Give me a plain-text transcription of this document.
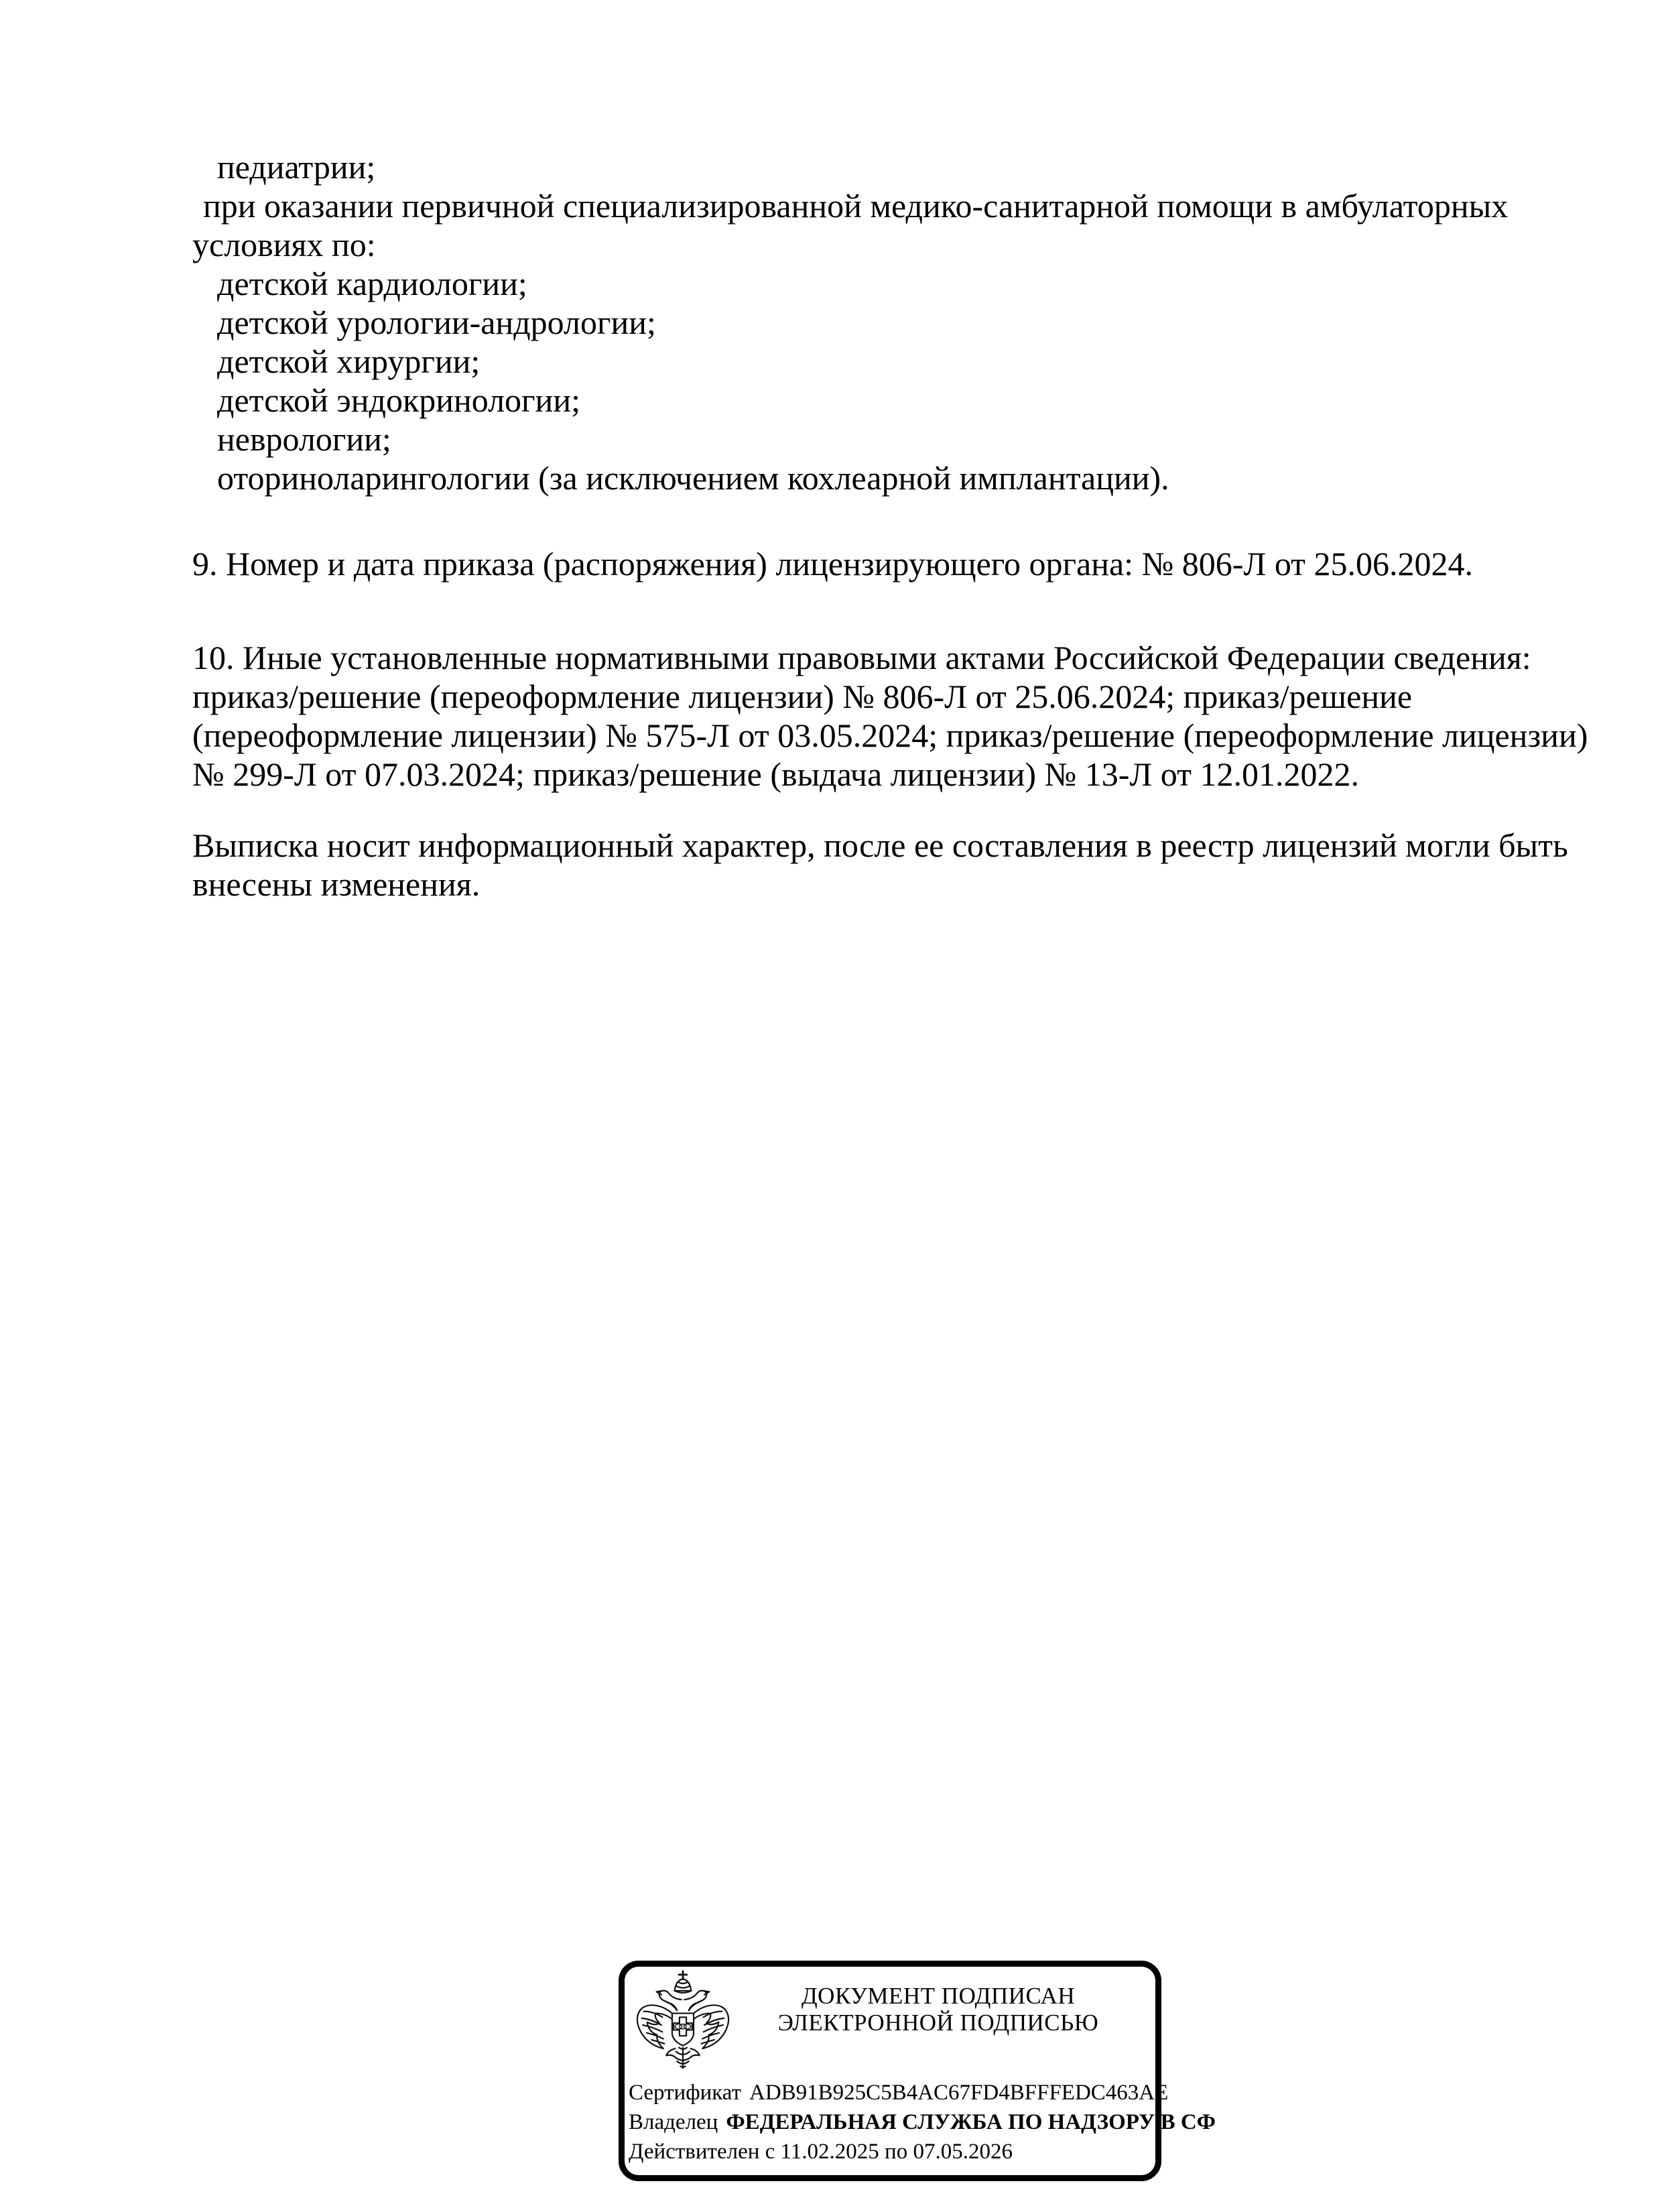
педиатрии;
при оказании первичной специализированной медико-санитарной помощи в амбулаторных
условиях по:
детской кардиологии;
детской урологии-андрологии;
детской хирургии;
детской эндокринологии;
неврологии;
оториноларингологии (за исключением кохлеарной имплантации).
9. Номер и дата приказа (распоряжения) лицензирующего органа: № 806-Л от 25.06.2024.
10. Иные установленные нормативными правовыми актами Российской Федерации сведения:
приказ/решение (переоформление лицензии) № 806-Л от 25.06.2024; приказ/решение
(переоформление лицензии) № 575-Л от 03.05.2024; приказ/решение (переоформление лицензии)
№ 299-Л от 07.03.2024; приказ/решение (выдача лицензии) № 13-Л от 12.01.2022.
Выписка носит информационный характер, после ее составления в реестр лицензий могли быть
внесены изменения.
ДОКУМЕНТ ПОДПИСАН
ЭЛЕКТРОННОЙ ПОДПИСЬЮ
Сертификат ADB91B925C5B4AC67FD4BFFFEDC463AE
Владелец ФЕДЕРАЛЬНАЯ СЛУЖБА ПО НАДЗОРУ В СФ
Действителен с 11.02.2025 по 07.05.2026
